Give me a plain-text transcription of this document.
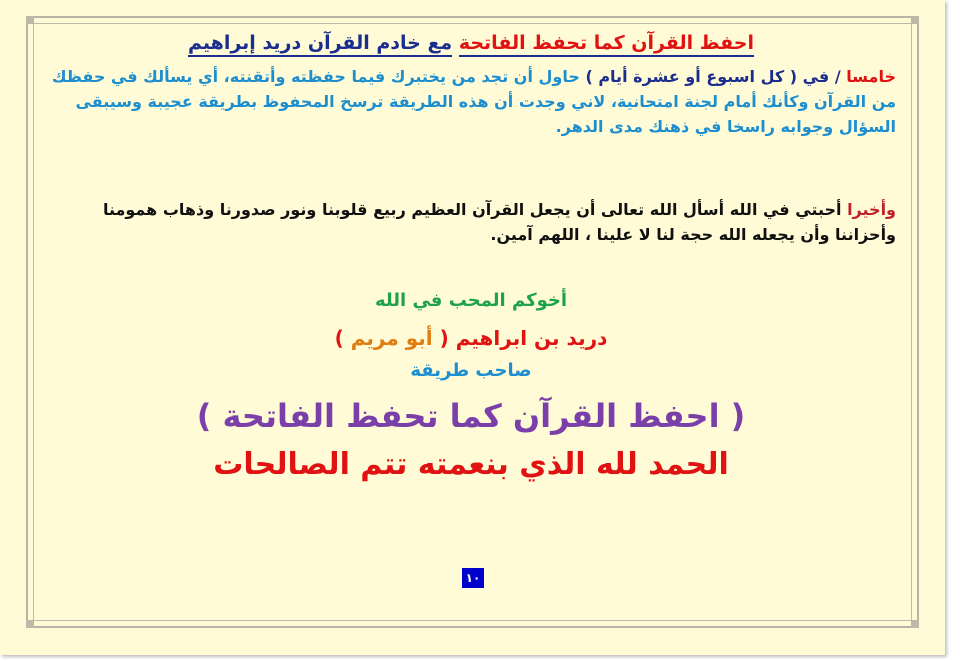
احفظ القرآن كما تحفظ الفاتحة مع خادم القرآن دريد إبراهيم
خامسا / في ( كل اسبوع أو عشرة أيام ) حاول أن تجد من يختبرك فيما حفظته وأتقنته، أي يسألك في حفظك من القرآن وكأنك أمام لجنة امتحانية، لاني وجدت أن هذه الطريقة ترسخ المحفوظ بطريقة عجيبة وسيبقى السؤال وجوابه راسخا في ذهنك مدى الدهر.
وأخيرا أحبتي في الله أسأل الله تعالى أن يجعل القرآن العظيم ربيع قلوبنا ونور صدورنا وذهاب همومنا وأحزاننا وأن يجعله الله حجة لنا لا علينا ، اللهم آمين.
أخوكم المحب في الله
دريد بن ابراهيم ( أبو مريم )
صاحب طريقة
( احفظ القرآن كما تحفظ الفاتحة )
الحمد لله الذي بنعمته تتم الصالحات
١٠
